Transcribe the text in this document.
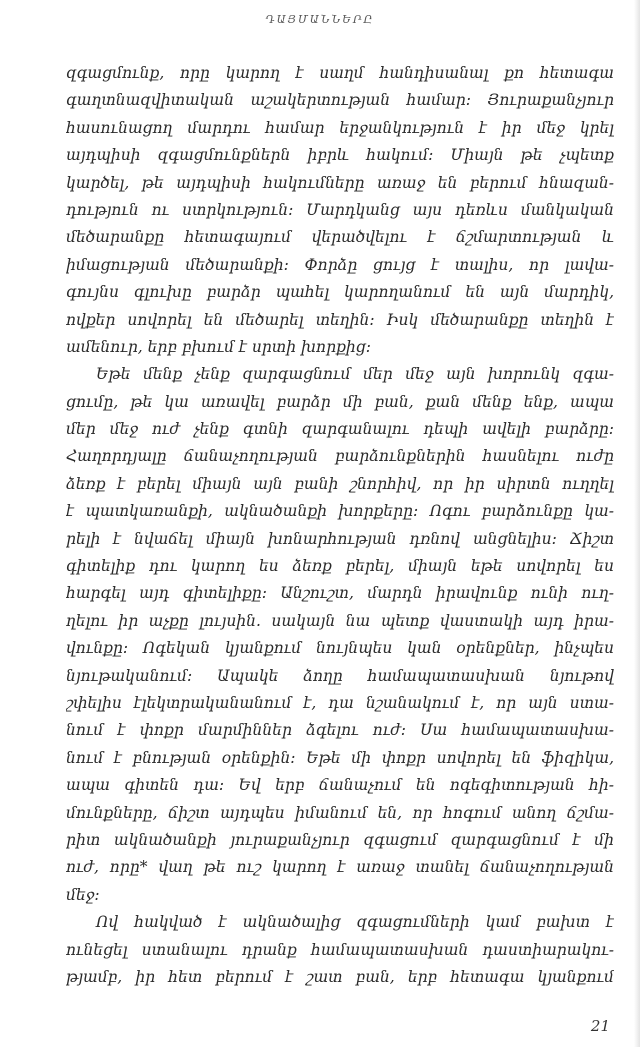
ԴԱՅՄԱՆՆԵՐԸ
զգացմունք, որը կարող է սաղմ հանդիսանալ քո հետագա
գաղտնազվիտական աշակերտության համար: Յուրաքանչյուր
հասունացող մարդու համար երջանկություն է իր մեջ կրել
այդպիսի զգացմունքներն իբրև հակում: Միայն թե չպետք
կարծել, թե այդպիսի հակումները առաջ են բերում հնազան-
դություն ու ստրկություն: Մարդկանց այս դեռևս մանկական
մեծարանքը հետագայում վերածվելու է ճշմարտության և
իմացության մեծարանքի: Փորձը ցույց է տալիս, որ լավա-
գույնս գլուխը բարձր պահել կարողանում են այն մարդիկ,
ովքեր սովորել են մեծարել տեղին: Իսկ մեծարանքը տեղին է
ամենուր, երբ բխում է սրտի խորքից:
Եթե մենք չենք զարգացնում մեր մեջ այն խորունկ զգա-
ցումը, թե կա առավել բարձր մի բան, քան մենք ենք, ապա
մեր մեջ ուժ չենք գտնի զարգանալու դեպի ավելի բարձրը:
Հաղորդյալը ճանաչողության բարձունքներին հասնելու ուժը
ձեռք է բերել միայն այն բանի շնորհիվ, որ իր սիրտն ուղղել
է պատկառանքի, ակնածանքի խորքերը: Ոգու բարձունքը կա-
րելի է նվաճել միայն խոնարհության դռնով անցնելիս: Ճիշտ
գիտելիք դու կարող ես ձեռք բերել, միայն եթե սովորել ես
հարգել այդ գիտելիքը: Անշուշտ, մարդն իրավունք ունի ուղ-
ղելու իր աչքը լույսին. սակայն նա պետք վաստակի այդ իրա-
վունքը: Ոգեկան կյանքում նույնպես կան օրենքներ, ինչպես
նյութականում: Ապակե ձողը համապատասխան նյութով
շփելիս էլեկտրականանում է, դա նշանակում է, որ այն ստա-
նում է փոքր մարմիններ ձգելու ուժ: Սա համապատասխա-
նում է բնության օրենքին: Եթե մի փոքր սովորել են ֆիզիկա,
ապա գիտեն դա: Եվ երբ ճանաչում են ոգեգիտության հի-
մունքները, ճիշտ այդպես իմանում են, որ հոգում անող ճշմա-
րիտ ակնածանքի յուրաքանչյուր զգացում զարգացնում է մի
ուժ, որը* վաղ թե ուշ կարող է առաջ տանել ճանաչողության
մեջ:
Ով հակված է ակնածալից զգացումների կամ բախտ է
ունեցել ստանալու դրանք համապատասխան դաստիարակու-
թյամբ, իր հետ բերում է շատ բան, երբ հետագա կյանքում
21
